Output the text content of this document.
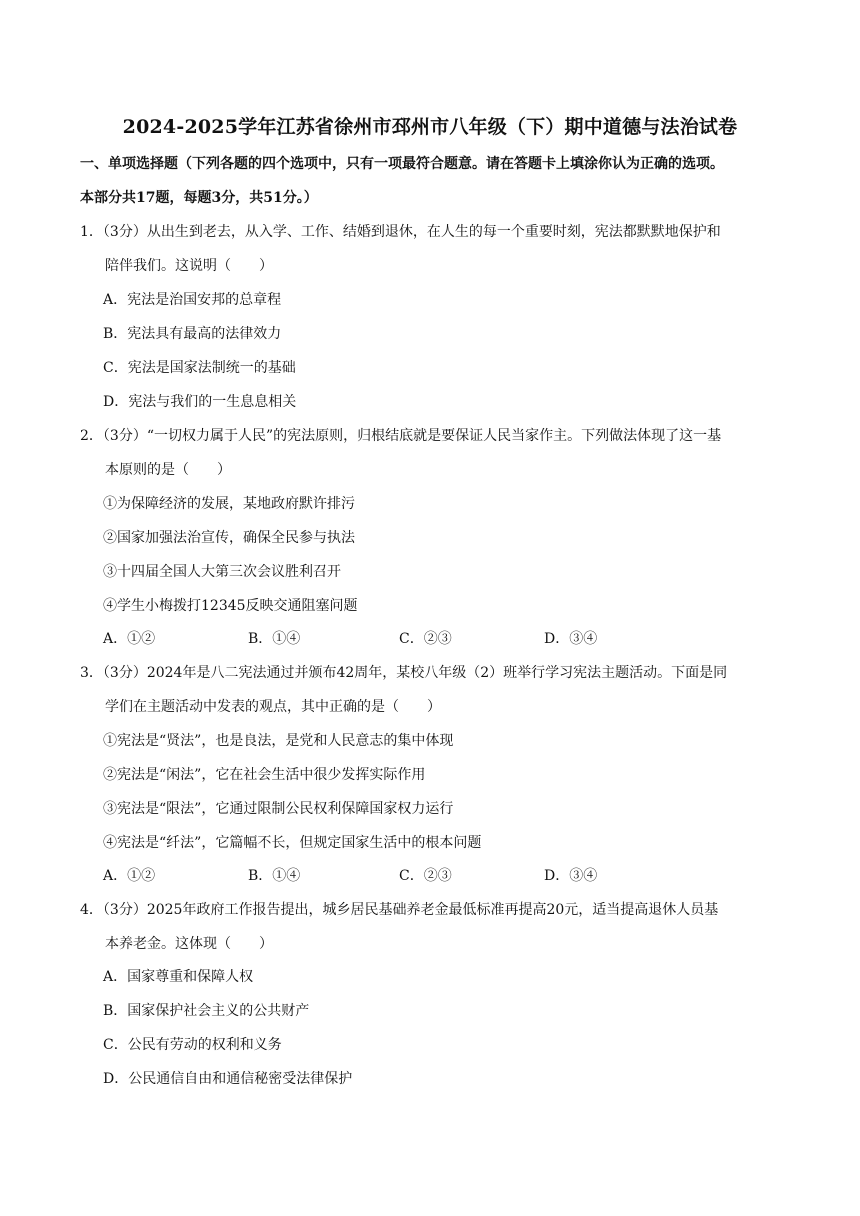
2024-2025学年江苏省徐州市邳州市八年级（下）期中道德与法治试卷
一、单项选择题（下列各题的四个选项中，只有一项最符合题意。请在答题卡上填涂你认为正确的选项。
本部分共17题，每题3分，共51分。）
1．（3分）从出生到老去，从入学、工作、结婚到退休，在人生的每一个重要时刻，宪法都默默地保护和
陪伴我们。这说明（　　）
A．宪法是治国安邦的总章程
B．宪法具有最高的法律效力
C．宪法是国家法制统一的基础
D．宪法与我们的一生息息相关
2．（3分）“一切权力属于人民”的宪法原则，归根结底就是要保证人民当家作主。下列做法体现了这一基
本原则的是（　　）
①为保障经济的发展，某地政府默许排污
②国家加强法治宣传，确保全民参与执法
③十四届全国人大第三次会议胜利召开
④学生小梅拨打12345反映交通阻塞问题
A．①②	B．①④	C．②③	D．③④
3．（3分）2024年是八二宪法通过并颁布42周年，某校八年级（2）班举行学习宪法主题活动。下面是同
学们在主题活动中发表的观点，其中正确的是（　　）
①宪法是“贤法”，也是良法，是党和人民意志的集中体现
②宪法是“闲法”，它在社会生活中很少发挥实际作用
③宪法是“限法”，它通过限制公民权利保障国家权力运行
④宪法是“纤法”，它篇幅不长，但规定国家生活中的根本问题
A．①②	B．①④	C．②③	D．③④
4．（3分）2025年政府工作报告提出，城乡居民基础养老金最低标准再提高20元，适当提高退休人员基
本养老金。这体现（　　）
A．国家尊重和保障人权
B．国家保护社会主义的公共财产
C．公民有劳动的权利和义务
D．公民通信自由和通信秘密受法律保护
